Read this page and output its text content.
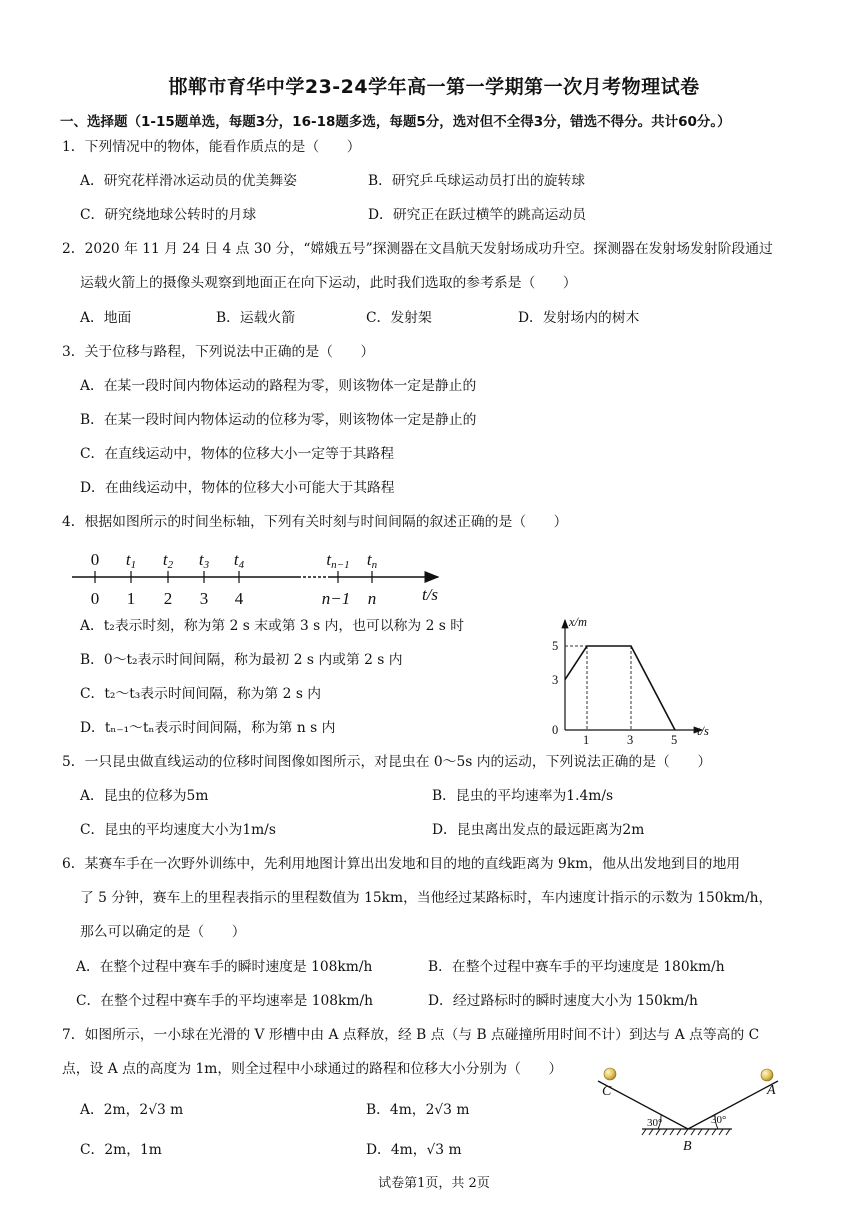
邯郸市育华中学23-24学年高一第一学期第一次月考物理试卷
一、选择题（1-15题单选，每题3分，16-18题多选，每题5分，选对但不全得3分，错选不得分。共计60分。）
1．下列情况中的物体，能看作质点的是（　　）
A．研究花样滑冰运动员的优美舞姿	B．研究乒乓球运动员打出的旋转球
C．研究绕地球公转时的月球	D．研究正在跃过横竿的跳高运动员
2．2020 年 11 月 24 日 4 点 30 分，“嫦娥五号”探测器在文昌航天发射场成功升空。探测器在发射场发射阶段通过
运载火箭上的摄像头观察到地面正在向下运动，此时我们选取的参考系是（　　）
A．地面	B．运载火箭	C．发射架	D．发射场内的树木
3．关于位移与路程，下列说法中正确的是（　　）
A．在某一段时间内物体运动的路程为零，则该物体一定是静止的
B．在某一段时间内物体运动的位移为零，则该物体一定是静止的
C．在直线运动中，物体的位移大小一定等于其路程
D．在曲线运动中，物体的位移大小可能大于其路程
4．根据如图所示的时间坐标轴，下列有关时刻与时间间隔的叙述正确的是（　　）
0 t1 t2 t3 t4	tn−1 tn
0 1 2 3 4	n−1 n	t/s
A．t₂表示时刻，称为第 2 s 末或第 3 s 内，也可以称为 2 s 时
B．0～t₂表示时间间隔，称为最初 2 s 内或第 2 s 内
C．t₂～t₃表示时间间隔，称为第 2 s 内
D．tₙ₋₁～tₙ表示时间间隔，称为第 n s 内
x/m
t/s
3
5
0
1	3	5
5．一只昆虫做直线运动的位移时间图像如图所示，对昆虫在 0～5s 内的运动，下列说法正确的是（　　）
A．昆虫的位移为5m	B．昆虫的平均速率为1.4m/s
C．昆虫的平均速度大小为1m/s	D．昆虫离出发点的最远距离为2m
6．某赛车手在一次野外训练中，先利用地图计算出出发地和目的地的直线距离为 9km，他从出发地到目的地用
了 5 分钟，赛车上的里程表指示的里程数值为 15km，当他经过某路标时，车内速度计指示的示数为 150km/h，
那么可以确定的是（　　）
A．在整个过程中赛车手的瞬时速度是 108km/h	B．在整个过程中赛车手的平均速度是 180km/h
C．在整个过程中赛车手的平均速率是 108km/h	D．经过路标时的瞬时速度大小为 150km/h
7．如图所示，一小球在光滑的 V 形槽中由 A 点释放，经 B 点（与 B 点碰撞所用时间不计）到达与 A 点等高的 C
点，设 A 点的高度为 1m，则全过程中小球通过的路程和位移大小分别为（　　）
A．2m，2√3 m	B．4m，2√3 m
C．2m，1m	D．4m，√3 m
C	A
B
30°	30°
试卷第1页，共 2页
